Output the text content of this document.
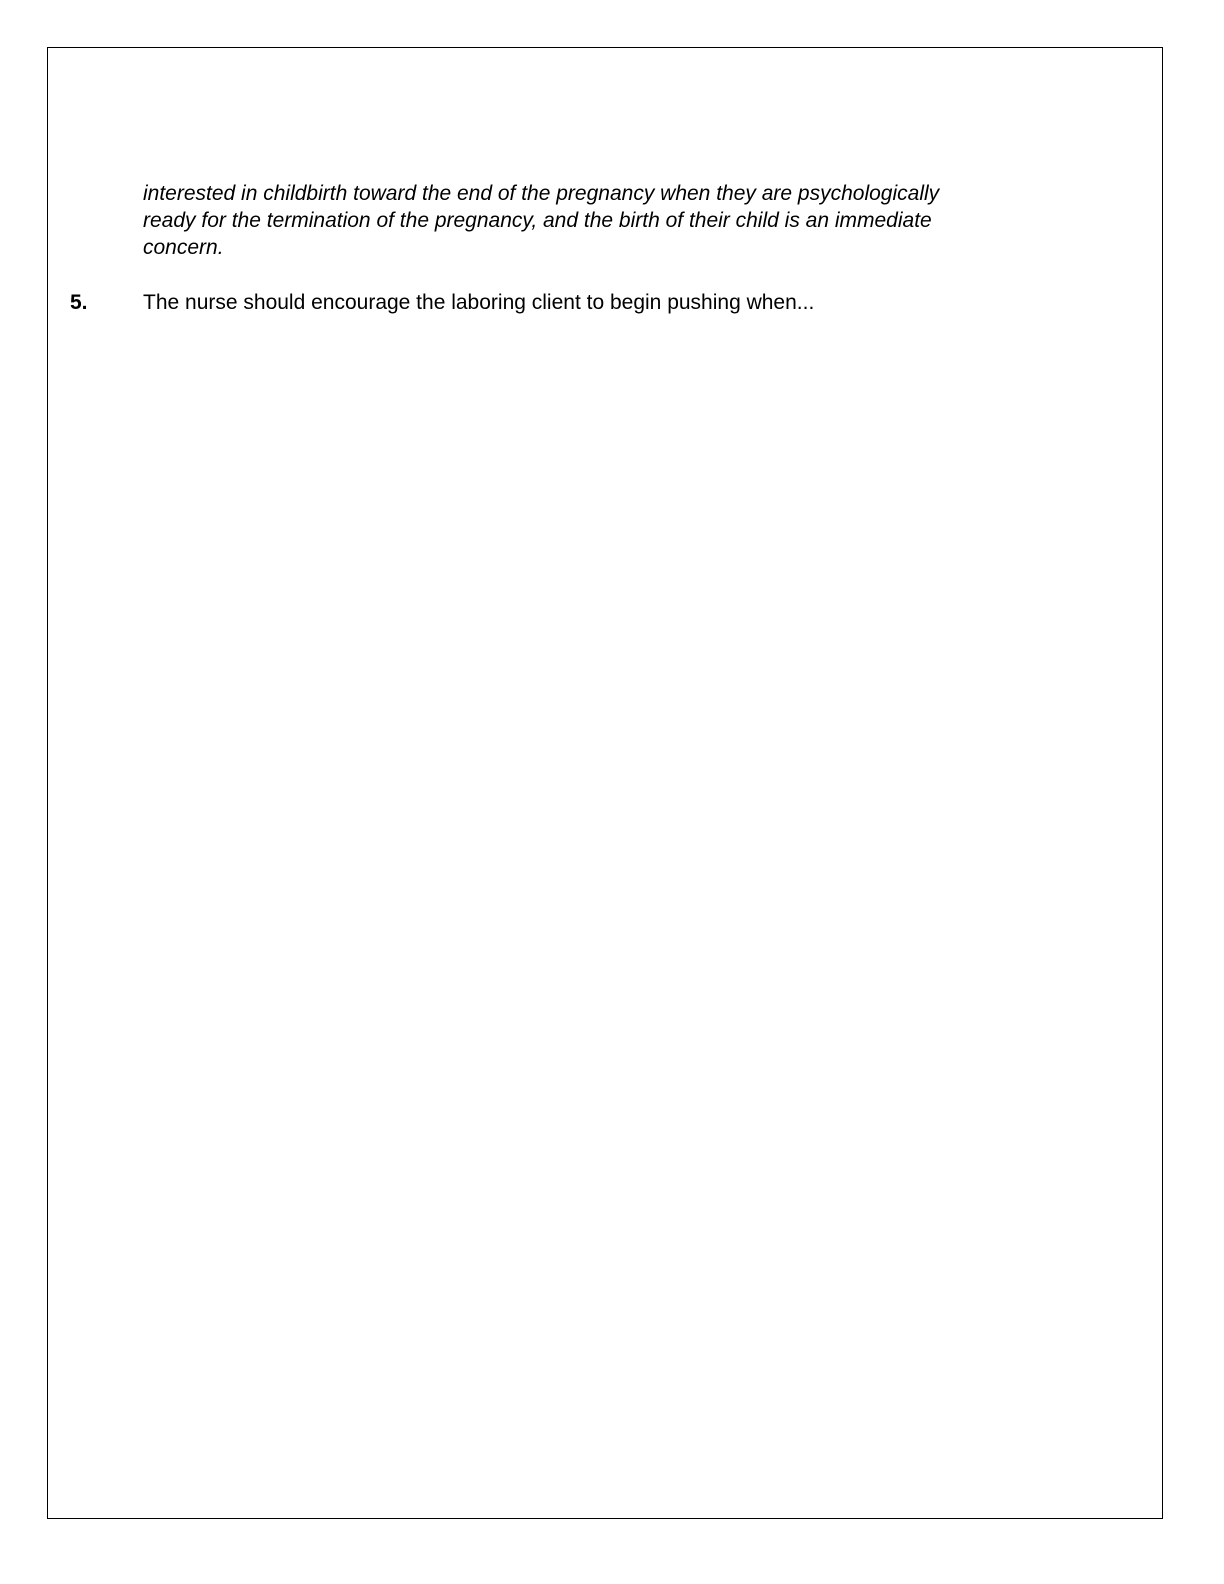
interested in childbirth toward the end of the pregnancy when they are psychologically
ready for the termination of the pregnancy, and the birth of their child is an immediate
concern.

5.	The nurse should encourage the laboring client to begin pushing when...
